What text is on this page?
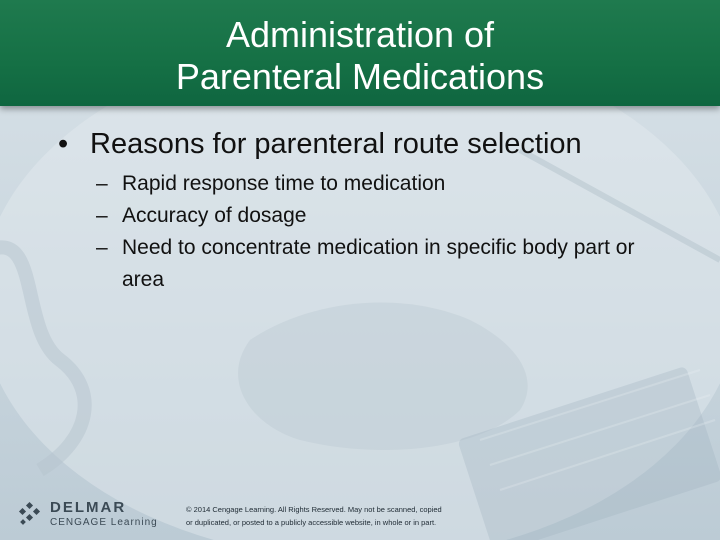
Administration of
Parenteral Medications
• Reasons for parenteral route selection
– Rapid response time to medication
– Accuracy of dosage
– Need to concentrate medication in specific body part or area
DELMAR
CENGAGE Learning
© 2014 Cengage Learning. All Rights Reserved. May not be scanned, copied
or duplicated, or posted to a publicly accessible website, in whole or in part.
